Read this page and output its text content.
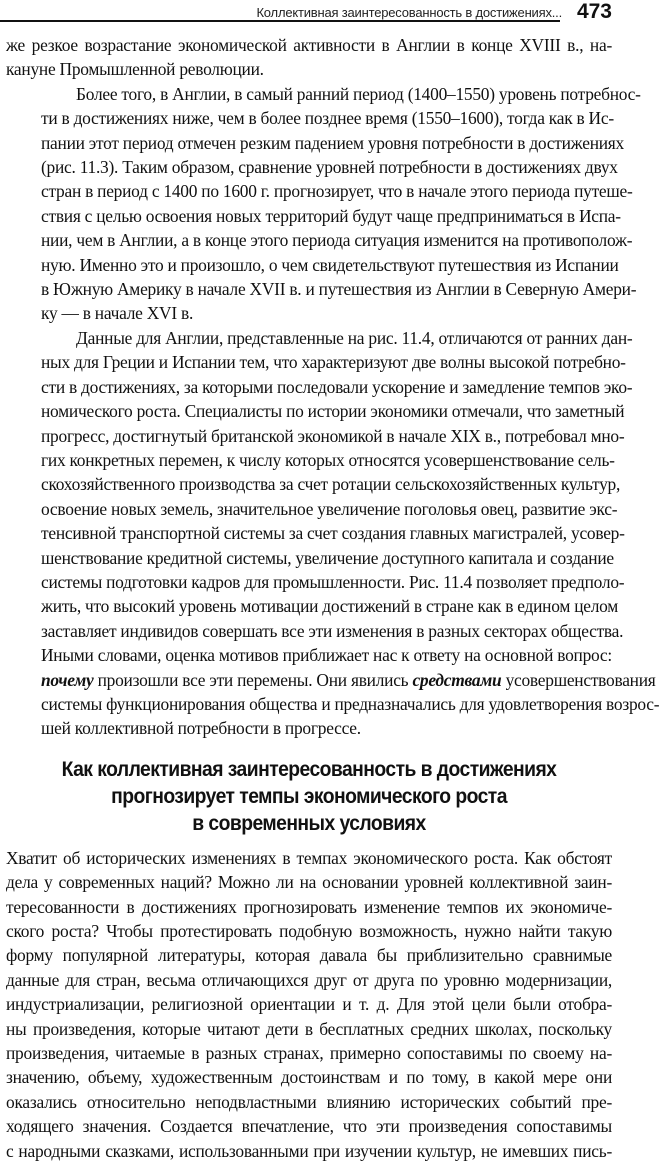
Коллективная заинтересованность в достижениях... 473

же резкое возрастание экономической активности в Англии в конце XVIII в., на-
кануне Промышленной революции.

Более того, в Англии, в самый ранний период (1400–1550) уровень потребнос-
ти в достижениях ниже, чем в более позднее время (1550–1600), тогда как в Ис-
пании этот период отмечен резким падением уровня потребности в достижениях
(рис. 11.3). Таким образом, сравнение уровней потребности в достижениях двух
стран в период с 1400 по 1600 г. прогнозирует, что в начале этого периода путеше-
ствия с целью освоения новых территорий будут чаще предприниматься в Испа-
нии, чем в Англии, а в конце этого периода ситуация изменится на противополож-
ную. Именно это и произошло, о чем свидетельствуют путешествия из Испании
в Южную Америку в начале XVII в. и путешествия из Англии в Северную Амери-
ку — в начале XVI в.

Данные для Англии, представленные на рис. 11.4, отличаются от ранних дан-
ных для Греции и Испании тем, что характеризуют две волны высокой потребно-
сти в достижениях, за которыми последовали ускорение и замедление темпов эко-
номического роста. Специалисты по истории экономики отмечали, что заметный
прогресс, достигнутый британской экономикой в начале XIX в., потребовал мно-
гих конкретных перемен, к числу которых относятся усовершенствование сель-
скохозяйственного производства за счет ротации сельскохозяйственных культур,
освоение новых земель, значительное увеличение поголовья овец, развитие экс-
тенсивной транспортной системы за счет создания главных магистралей, усовер-
шенствование кредитной системы, увеличение доступного капитала и создание
системы подготовки кадров для промышленности. Рис. 11.4 позволяет предполо-
жить, что высокий уровень мотивации достижений в стране как в едином целом
заставляет индивидов совершать все эти изменения в разных секторах общества.
Иными словами, оценка мотивов приближает нас к ответу на основной вопрос:
почему произошли все эти перемены. Они явились средствами усовершенствования
системы функционирования общества и предназначались для удовлетворения возрос-
шей коллективной потребности в прогрессе.

Как коллективная заинтересованность в достижениях
прогнозирует темпы экономического роста
в современных условиях

Хватит об исторических изменениях в темпах экономического роста. Как обстоят
дела у современных наций? Можно ли на основании уровней коллективной заин-
тересованности в достижениях прогнозировать изменение темпов их экономиче-
ского роста? Чтобы протестировать подобную возможность, нужно найти такую
форму популярной литературы, которая давала бы приблизительно сравнимые
данные для стран, весьма отличающихся друг от друга по уровню модернизации,
индустриализации, религиозной ориентации и т. д. Для этой цели были отобра-
ны произведения, которые читают дети в бесплатных средних школах, поскольку
произведения, читаемые в разных странах, примерно сопоставимы по своему на-
значению, объему, художественным достоинствам и по тому, в какой мере они
оказались относительно неподвластными влиянию исторических событий пре-
ходящего значения. Создается впечатление, что эти произведения сопоставимы
с народными сказками, использованными при изучении культур, не имевших пись-
